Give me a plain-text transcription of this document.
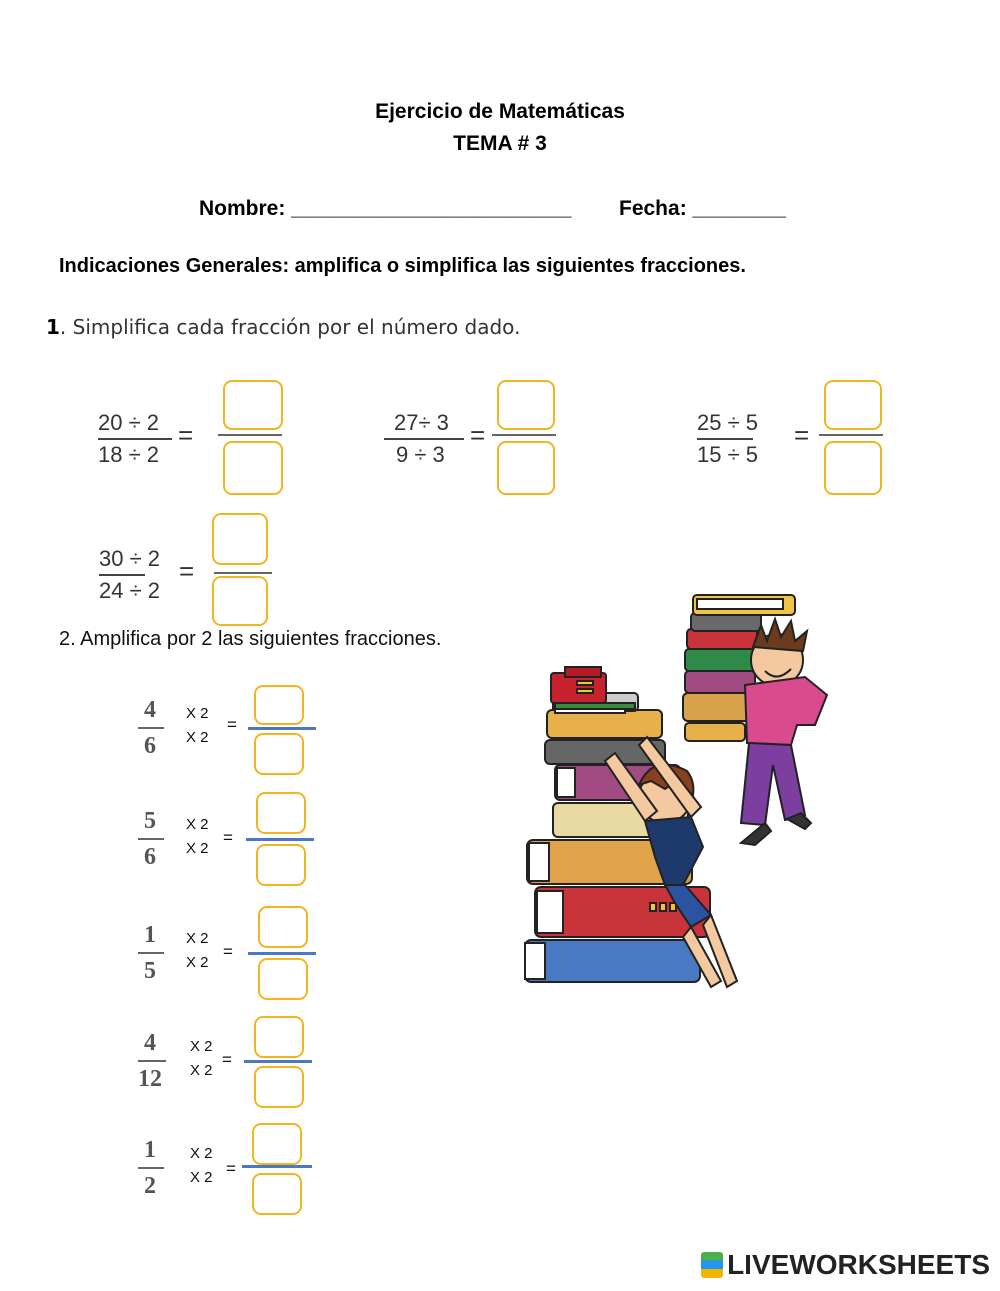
Ejercicio de Matemáticas
TEMA # 3
Nombre: ________________________ Fecha: ________
Indicaciones Generales: amplifica o simplifica las siguientes fracciones.
1. Simplifica cada fracción por el número dado.
20 ÷ 2
18 ÷ 2
=	27÷ 3
9 ÷ 3
=	25 ÷ 5
15 ÷ 5
=
30 ÷ 2
24 ÷ 2
=
2. Amplifica por 2 las siguientes fracciones.
4
6
X 2
X 2
=
5
6
X 2
X 2
=
1
5
X 2
X 2
=
4
12
X 2
X 2
=
1
2
X 2
X 2 =
LIVEWORKSHEETS
